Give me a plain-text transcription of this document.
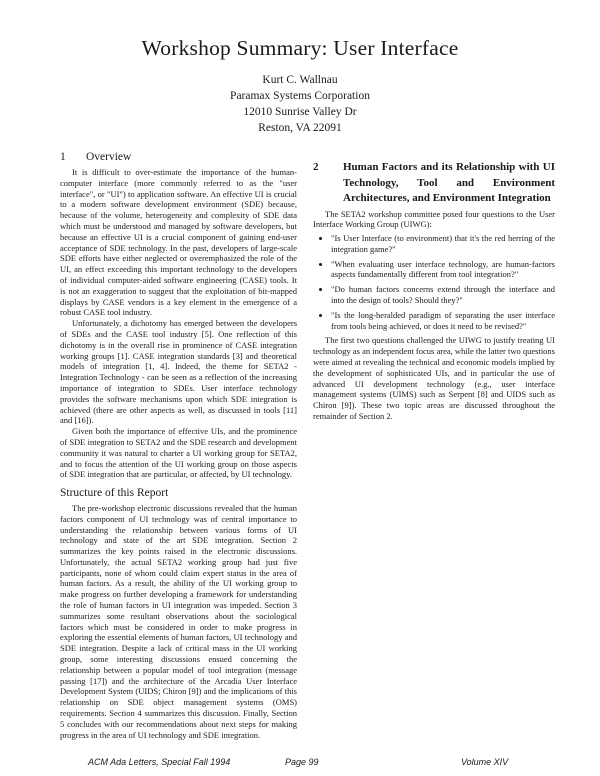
Workshop Summary: User Interface
Kurt C. Wallnau
Paramax Systems Corporation
12010 Sunrise Valley Dr
Reston, VA 22091
1	Overview

It is difficult to over-estimate the importance of the human-computer interface (more commonly referred to as the "user interface", or "UI") to application software. An effective UI is crucial to a modern software development environment (SDE) because, because of the volume, heterogeneity and complexity of SDE data which must be understood and managed by software developers, but because an effective UI is a crucial component of gaining end-user acceptance of SDE technology. In the past, developers of large-scale SDE efforts have either neglected or overemphasized the role of the UI, an effect exceeding this important technology to the developers of individual computer-aided software engineering (CASE) tools. It is not an exaggeration to suggest that the exploitation of bit-mapped displays by CASE vendors is a key element in the emergence of a robust CASE tool industry.

Unfortunately, a dichotomy has emerged between the developers of SDEs and the CASE tool industry [5]. One reflection of this dichotomy is in the overall rise in prominence of CASE integration working groups [1]. CASE integration standards [3] and theoretical models of integration [1, 4]. Indeed, the theme for SETA2 - Integration Technology - can be seen as a reflection of the increasing importance of integration to SDEs. User interface technology provides the software mechanisms upon which SDE integration is achieved (there are other aspects as well, as discussed in tools [11] and [16]).

Given both the importance of effective UIs, and the prominence of SDE integration to SETA2 and the SDE research and development community it was natural to charter a UI working group for SETA2, and to focus the attention of the UI working group on those aspects of SDE integration that are particular, or affected, by UI technology.

Structure of this Report

The pre-workshop electronic discussions revealed that the human factors component of UI technology was of central importance to understanding the relationship between various forms of UI technology and state of the art SDE integration. Section 2 summarizes the key points raised in the electronic discussions. Unfortunately, the actual SETA2 working group had just five participants, none of whom could claim expert status in the area of human factors. As a result, the ability of the UI working group to make progress on further developing a framework for understanding the role of human factors in UI integration was impeded. Section 3 summarizes some resultant observations about the sociological factors which must be considered in order to make progress in exploring the essential elements of human factors, UI technology and SDE integration. Despite a lack of critical mass in the UI working group, some interesting discussions ensued concerning the relationship between a popular model of tool integration (message passing [17]) and the architecture of the Arcadia User Interface Development System (UIDS; Chiron [9]) and the implications of this relationship on SDE object management systems (OMS) requirements. Section 4 summarizes this discussion. Finally, Section 5 concludes with our recommendations about next steps for making progress in the area of UI technology and SDE integration.

2	Human Factors and its Relationship with UI Technology, Tool and Environment Architectures, and Environment Integration

The SETA2 workshop committee posed four questions to the User Interface Working Group (UIWG):

• "Is User Interface (to environment) that it's the red herring of the integration game?"
• "When evaluating user interface technology, are human-factors aspects fundamentally different from tool integration?"
• "Do human factors concerns extend through the interface and into the design of tools? Should they?"
• "Is the long-heralded paradigm of separating the user interface from tools being achieved, or does it need to be revised?"

The first two questions challenged the UIWG to justify treating UI technology as an independent focus area, while the latter two questions were aimed at revealing the technical and economic models implied by the development of sophisticated UIs, and in particular the use of advanced UI development technology (e.g., user interface management systems (UIMS) such as Serpent [8] and UIDS such as Chiron [9]). These two topic areas are discussed throughout the remainder of Section 2.

ACM Ada Letters, Special Fall 1994	Page 99	Volume XIV
